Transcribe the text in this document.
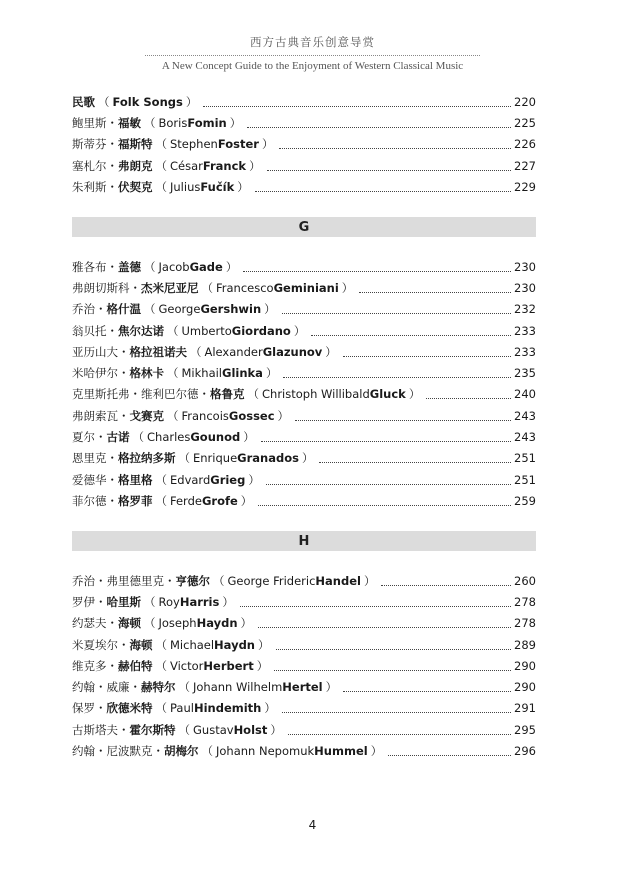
西方古典音乐创意导赏
A New Concept Guide to the Enjoyment of Western Classical Music
民歌 （ Folk Songs ）	220
鲍里斯・福敏 （ Boris Fomin ）	225
斯蒂芬・福斯特 （ Stephen Foster ）	226
塞札尔・弗朗克 （ César Franck ）	227
朱利斯・伏契克 （ Julius Fučík ）	229
G
雅各布・盖德 （ Jacob Gade ）	230
弗朗切斯科・杰米尼亚尼 （ Francesco Geminiani ）	230
乔治・格什温 （ George Gershwin ）	232
翁贝托・焦尔达诺 （ Umberto Giordano ）	233
亚历山大・格拉祖诺夫 （ Alexander Glazunov ）	233
米哈伊尔・格林卡 （ Mikhail Glinka ）	235
克里斯托弗・维利巴尔德・格鲁克 （ Christoph Willibald Gluck ）	240
弗朗索瓦・戈赛克 （ Francois Gossec ）	243
夏尔・古诺 （ Charles Gounod ）	243
恩里克・格拉纳多斯 （ Enrique Granados ）	251
爱德华・格里格 （ Edvard Grieg ）	251
菲尔德・格罗菲 （ Ferde Grofe ）	259
H
乔治・弗里德里克・亨德尔 （ George Frideric Handel ）	260
罗伊・哈里斯 （ Roy Harris ）	278
约瑟夫・海顿 （ Joseph Haydn ）	278
米夏埃尔・海顿 （ Michael Haydn ）	289
维克多・赫伯特 （ Victor Herbert ）	290
约翰・威廉・赫特尔 （ Johann Wilhelm Hertel ）	290
保罗・欣德米特 （ Paul Hindemith ）	291
古斯塔夫・霍尔斯特 （ Gustav Holst ）	295
约翰・尼波默克・胡梅尔 （ Johann Nepomuk Hummel ）	296
4
